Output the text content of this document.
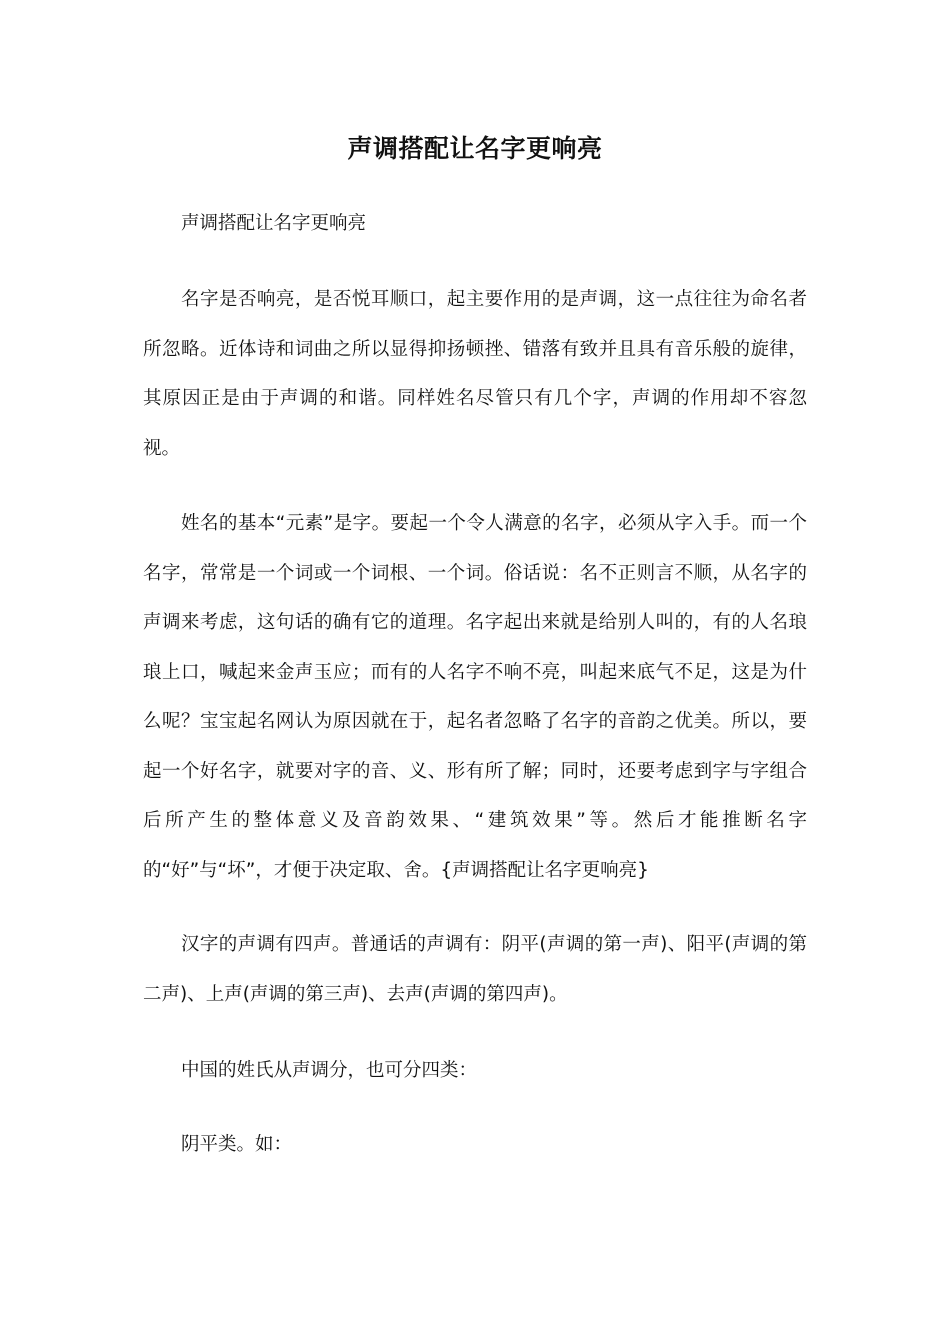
声调搭配让名字更响亮

声调搭配让名字更响亮

名字是否响亮，是否悦耳顺口，起主要作用的是声调，这一点往往为命名者所忽略。近体诗和词曲之所以显得抑扬顿挫、错落有致并且具有音乐般的旋律，其原因正是由于声调的和谐。同样姓名尽管只有几个字，声调的作用却不容忽视。

姓名的基本“元素”是字。要起一个令人满意的名字，必须从字入手。而一个名字，常常是一个词或一个词根、一个词。俗话说：名不正则言不顺，从名字的声调来考虑，这句话的确有它的道理。名字起出来就是给别人叫的，有的人名琅琅上口，喊起来金声玉应；而有的人名字不响不亮，叫起来底气不足，这是为什么呢？宝宝起名网认为原因就在于，起名者忽略了名字的音韵之优美。所以，要起一个好名字，就要对字的音、义、形有所了解；同时，还要考虑到字与字组合后所产生的整体意义及音韵效果、“建筑效果”等。然后才能推断名字的“好”与“坏”，才便于决定取、舍。{声调搭配让名字更响亮}

汉字的声调有四声。普通话的声调有：阴平(声调的第一声)、阳平(声调的第二声)、上声(声调的第三声)、去声(声调的第四声)。

中国的姓氏从声调分，也可分四类：

阴平类。如：
